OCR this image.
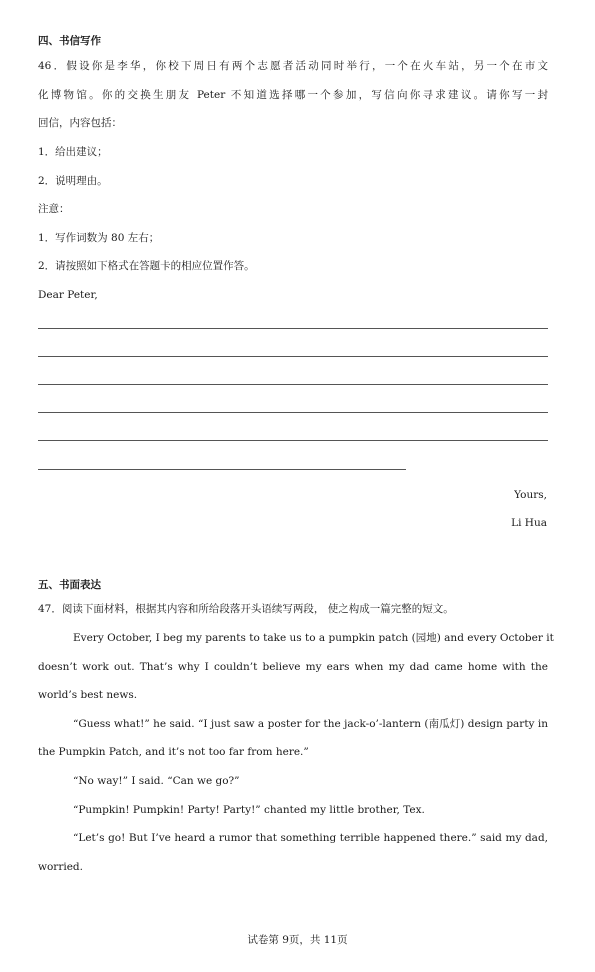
四、书信写作
46．假设你是李华，你校下周日有两个志愿者活动同时举行，一个在火车站，另一个在市文
化博物馆。你的交换生朋友 Peter 不知道选择哪一个参加，写信向你寻求建议。请你写一封
回信，内容包括：
1．给出建议；
2．说明理由。
注意：
1．写作词数为 80 左右；
2．请按照如下格式在答题卡的相应位置作答。
Dear Peter,
Yours,
Li Hua
五、书面表达
47．阅读下面材料，根据其内容和所给段落开头语续写两段， 使之构成一篇完整的短文。
Every October, I beg my parents to take us to a pumpkin patch (园地) and every October it
doesn’t work out. That’s why I couldn’t believe my ears when my dad came home with the
world’s best news.
“Guess what!” he said. “I just saw a poster for the jack-o’-lantern (南瓜灯) design party in
the Pumpkin Patch, and it’s not too far from here.”
“No way!” I said. “Can we go?”
“Pumpkin! Pumpkin! Party! Party!” chanted my little brother, Tex.
“Let’s go! But I’ve heard a rumor that something terrible happened there.” said my dad,
worried.
试卷第 9页，共 11页
